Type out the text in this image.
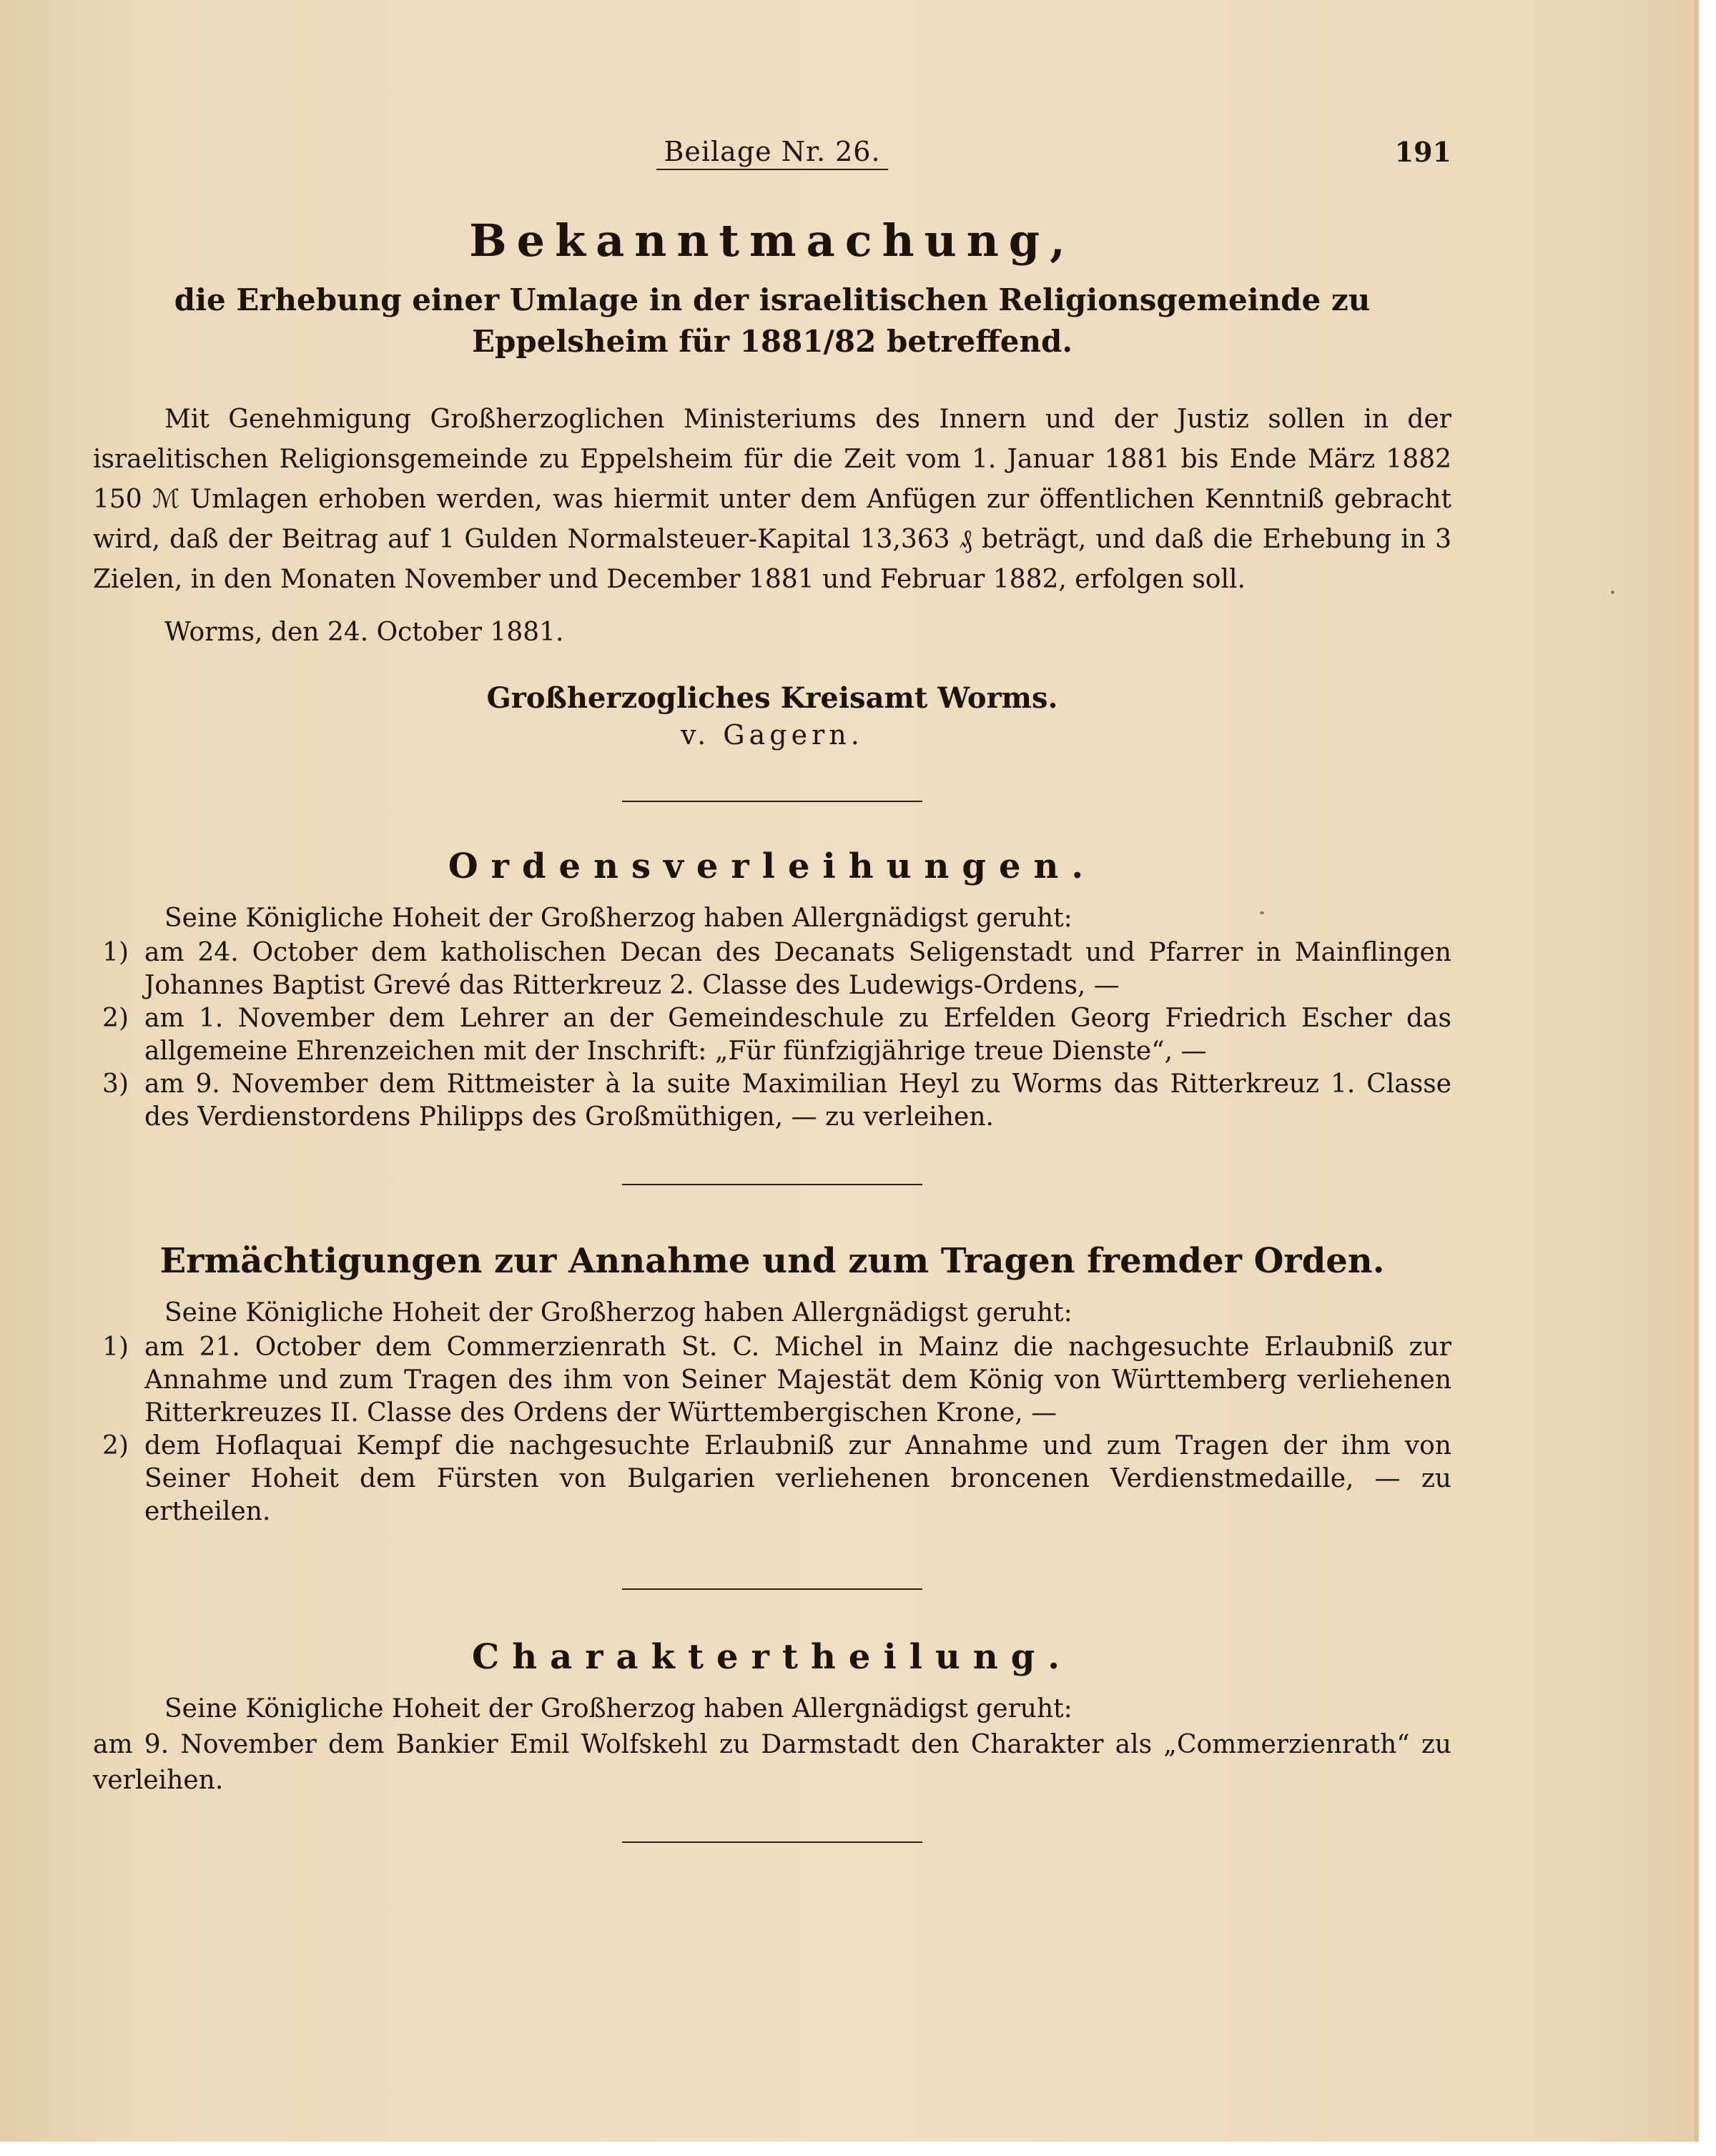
Beilage Nr. 26.	191
Bekanntmachung,
die Erhebung einer Umlage in der israelitischen Religionsgemeinde zu Eppelsheim für 1881/82 betreffend.

Mit Genehmigung Großherzoglichen Ministeriums des Innern und der Justiz sollen in der israelitischen Religionsgemeinde zu Eppelsheim für die Zeit vom 1. Januar 1881 bis Ende März 1882 150 ℳ Umlagen erhoben werden, was hiermit unter dem Anfügen zur öffentlichen Kenntniß gebracht wird, daß der Beitrag auf 1 Gulden Normalsteuer-Kapital 13,363 ₰ beträgt, und daß die Erhebung in 3 Zielen, in den Monaten November und December 1881 und Februar 1882, erfolgen soll.

Worms, den 24. October 1881.
Großherzogliches Kreisamt Worms.
v. Gagern.
Ordensverleihungen.
Seine Königliche Hoheit der Großherzog haben Allergnädigst geruht:
1) am 24. October dem katholischen Decan des Decanats Seligenstadt und Pfarrer in Mainflingen Johannes Baptist Grevé das Ritterkreuz 2. Classe des Ludewigs-Ordens, —
2) am 1. November dem Lehrer an der Gemeindeschule zu Erfelden Georg Friedrich Escher das allgemeine Ehrenzeichen mit der Inschrift: „Für fünfzigjährige treue Dienste“, —
3) am 9. November dem Rittmeister à la suite Maximilian Heyl zu Worms das Ritterkreuz 1. Classe des Verdienstordens Philipps des Großmüthigen, — zu verleihen.
Ermächtigungen zur Annahme und zum Tragen fremder Orden.
Seine Königliche Hoheit der Großherzog haben Allergnädigst geruht:
1) am 21. October dem Commerzienrath St. C. Michel in Mainz die nachgesuchte Erlaubniß zur Annahme und zum Tragen des ihm von Seiner Majestät dem König von Württemberg verliehenen Ritterkreuzes II. Classe des Ordens der Württembergischen Krone, —
2) dem Hoflaquai Kempf die nachgesuchte Erlaubniß zur Annahme und zum Tragen der ihm von Seiner Hoheit dem Fürsten von Bulgarien verliehenen broncenen Verdienstmedaille, — zu ertheilen.
Charaktertheilung.
Seine Königliche Hoheit der Großherzog haben Allergnädigst geruht:
am 9. November dem Bankier Emil Wolfskehl zu Darmstadt den Charakter als „Commerzienrath“ zu verleihen.
